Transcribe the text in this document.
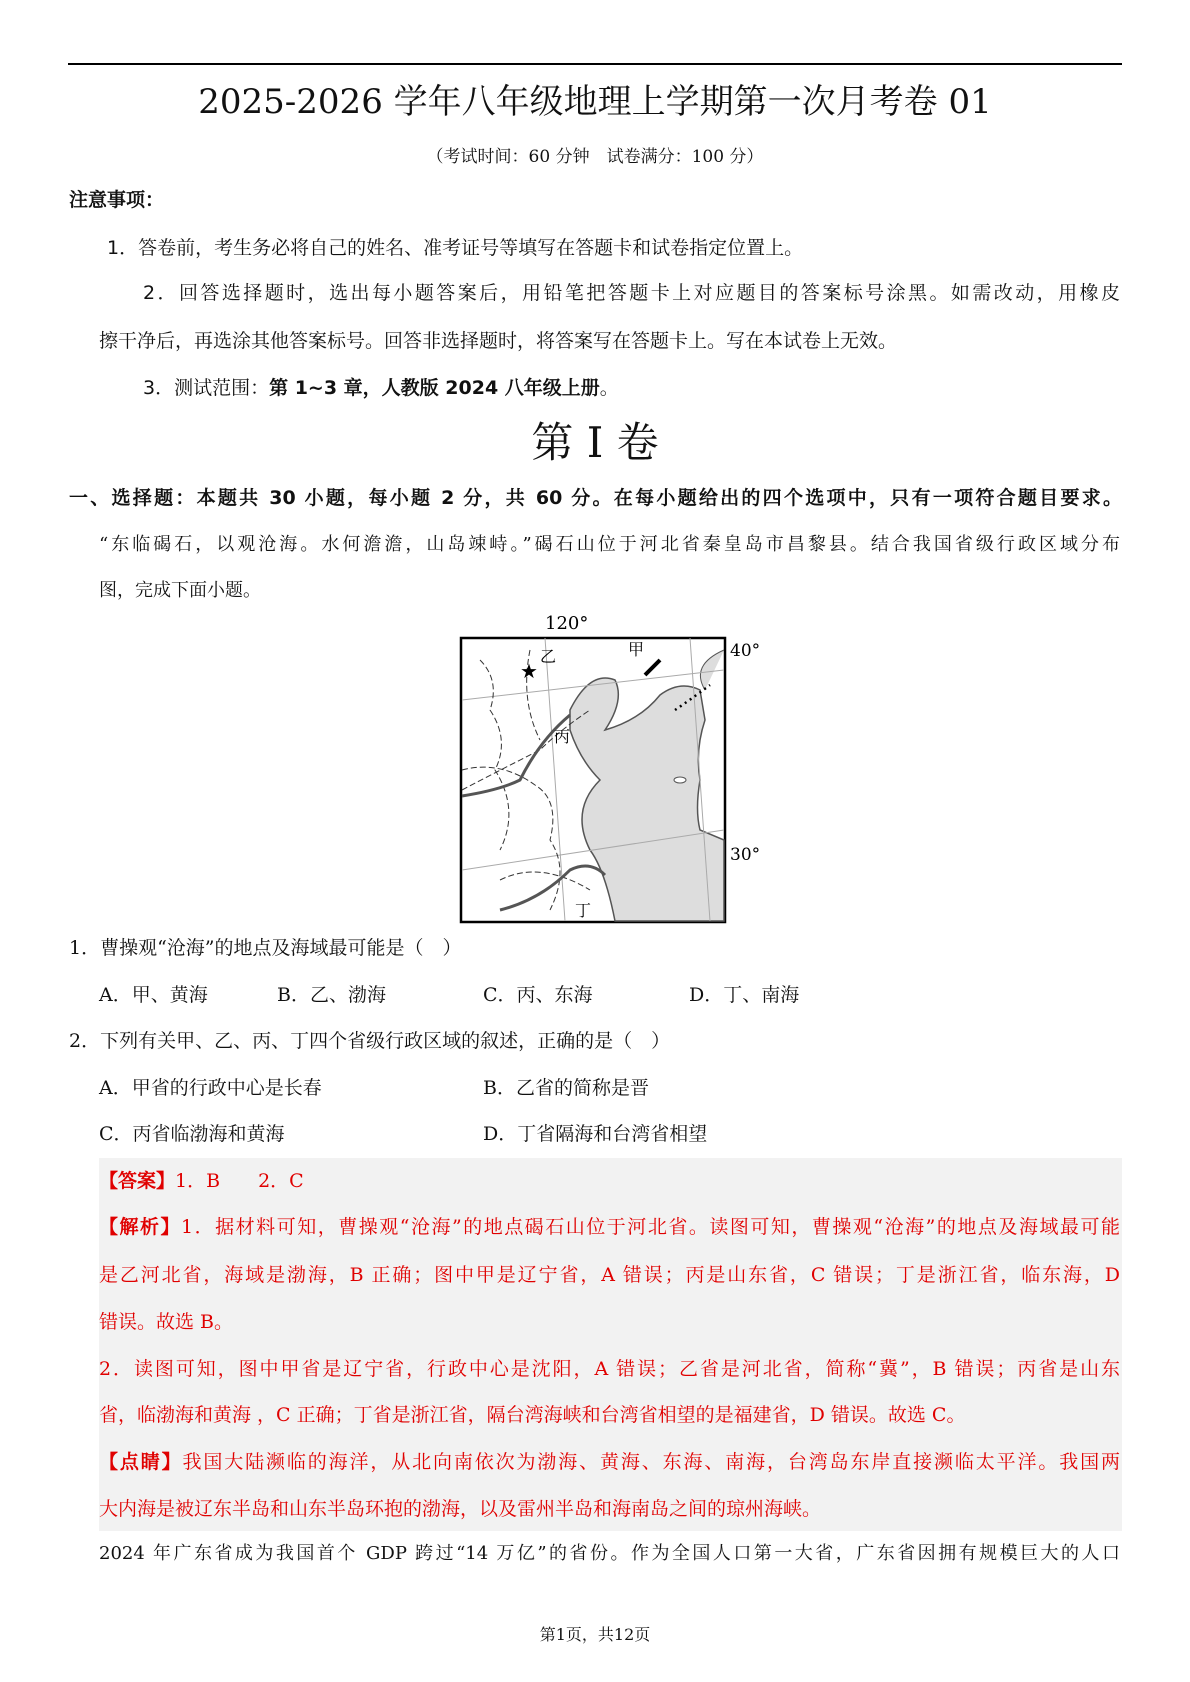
2025-2026 学年八年级地理上学期第一次月考卷 01
（考试时间：60 分钟　试卷满分：100 分）
注意事项：
1．答卷前，考生务必将自己的姓名、准考证号等填写在答题卡和试卷指定位置上。
2．回答选择题时，选出每小题答案后，用铅笔把答题卡上对应题目的答案标号涂黑。如需改动，用橡皮
擦干净后，再选涂其他答案标号。回答非选择题时，将答案写在答题卡上。写在本试卷上无效。
3．测试范围：第 1~3 章，人教版 2024 八年级上册。
第 I 卷
一、选择题：本题共 30 小题，每小题 2 分，共 60 分。在每小题给出的四个选项中，只有一项符合题目要求。
“东临碣石，以观沧海。水何澹澹，山岛竦峙。”碣石山位于河北省秦皇岛市昌黎县。结合我国省级行政区域分布
图，完成下面小题。
120°
★
甲
乙
丙
丁
40°
30°
1．曹操观“沧海”的地点及海域最可能是（　）
A．甲、黄海	B．乙、渤海	C．丙、东海	D．丁、南海
2．下列有关甲、乙、丙、丁四个省级行政区域的叙述，正确的是（　）
A．甲省的行政中心是长春	B．乙省的简称是晋
C．丙省临渤海和黄海	D．丁省隔海和台湾省相望
【答案】1．B　　2．C
【解析】1．据材料可知，曹操观“沧海”的地点碣石山位于河北省。读图可知，曹操观“沧海”的地点及海域最可能
是乙河北省，海域是渤海，B 正确；图中甲是辽宁省，A 错误；丙是山东省，C 错误；丁是浙江省，临东海，D
错误。故选 B。
2．读图可知，图中甲省是辽宁省，行政中心是沈阳，A 错误；乙省是河北省，简称“冀”，B 错误；丙省是山东
省，临渤海和黄海 ，C 正确；丁省是浙江省，隔台湾海峡和台湾省相望的是福建省，D 错误。故选 C。
【点睛】我国大陆濒临的海洋，从北向南依次为渤海、黄海、东海、南海，台湾岛东岸直接濒临太平洋。我国两
大内海是被辽东半岛和山东半岛环抱的渤海，以及雷州半岛和海南岛之间的琼州海峡。
2024 年广东省成为我国首个 GDP 跨过“14 万亿”的省份。作为全国人口第一大省，广东省因拥有规模巨大的人口
第1页，共12页
